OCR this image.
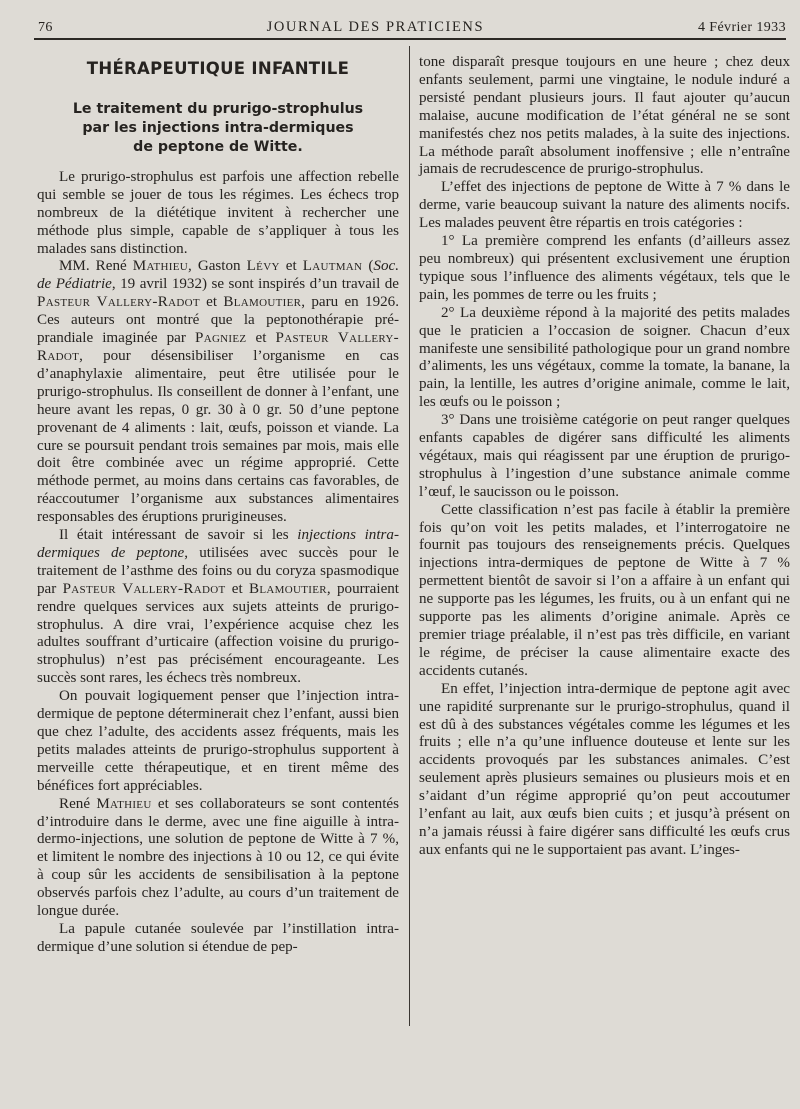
76	JOURNAL DES PRATICIENS	4 Février 1933
THÉRAPEUTIQUE INFANTILE
Le traitement du prurigo-strophulus
par les injections intra-dermiques
de peptone de Witte.

Le prurigo-strophulus est parfois une affection rebelle qui semble se jouer de tous les régimes. Les échecs trop nombreux de la diététique invitent à rechercher une méthode plus simple, capable de s’appliquer à tous les malades sans distinction.

MM. René Mathieu, Gaston Lévy et Lautman (Soc. de Pédiatrie, 19 avril 1932) se sont inspirés d’un travail de Pasteur Vallery-Radot et Blamoutier, paru en 1926. Ces auteurs ont montré que la peptonothérapie pré-prandiale imaginée par Pagniez et Pasteur Vallery-Radot, pour désensibiliser l’organisme en cas d’anaphylaxie alimentaire, peut être utilisée pour le prurigo-strophulus. Ils conseillent de donner à l’enfant, une heure avant les repas, 0 gr. 30 à 0 gr. 50 d’une peptone provenant de 4 aliments : lait, œufs, poisson et viande. La cure se poursuit pendant trois semaines par mois, mais elle doit être combinée avec un régime approprié. Cette méthode permet, au moins dans certains cas favorables, de réaccoutumer l’organisme aux substances alimentaires responsables des éruptions prurigineuses.

Il était intéressant de savoir si les injections intra-dermiques de peptone, utilisées avec succès pour le traitement de l’asthme des foins ou du coryza spasmodique par Pasteur Vallery-Radot et Blamoutier, pourraient rendre quelques services aux sujets atteints de prurigo-strophulus. A dire vrai, l’expérience acquise chez les adultes souffrant d’urticaire (affection voisine du prurigo-strophulus) n’est pas précisément encourageante. Les succès sont rares, les échecs très nombreux.

On pouvait logiquement penser que l’injection intra-dermique de peptone déterminerait chez l’enfant, aussi bien que chez l’adulte, des accidents assez fréquents, mais les petits malades atteints de prurigo-strophulus supportent à merveille cette thérapeutique, et en tirent même des bénéfices fort appréciables.

René Mathieu et ses collaborateurs se sont contentés d’introduire dans le derme, avec une fine aiguille à intra-dermo-injections, une solution de peptone de Witte à 7 %, et limitent le nombre des injections à 10 ou 12, ce qui évite à coup sûr les accidents de sensibilisation à la peptone observés parfois chez l’adulte, au cours d’un traitement de longue durée.

La papule cutanée soulevée par l’instillation intra-dermique d’une solution si étendue de pep-

tone disparaît presque toujours en une heure ; chez deux enfants seulement, parmi une vingtaine, le nodule induré a persisté pendant plusieurs jours. Il faut ajouter qu’aucun malaise, aucune modification de l’état général ne se sont manifestés chez nos petits malades, à la suite des injections. La méthode paraît absolument inoffensive ; elle n’entraîne jamais de recrudescence de prurigo-strophulus.

L’effet des injections de peptone de Witte à 7 % dans le derme, varie beaucoup suivant la nature des aliments nocifs. Les malades peuvent être répartis en trois catégories :

1° La première comprend les enfants (d’ailleurs assez peu nombreux) qui présentent exclusivement une éruption typique sous l’influence des aliments végétaux, tels que le pain, les pommes de terre ou les fruits ;

2° La deuxième répond à la majorité des petits malades que le praticien a l’occasion de soigner. Chacun d’eux manifeste une sensibilité pathologique pour un grand nombre d’aliments, les uns végétaux, comme la tomate, la banane, la pain, la lentille, les autres d’origine animale, comme le lait, les œufs ou le poisson ;

3° Dans une troisième catégorie on peut ranger quelques enfants capables de digérer sans difficulté les aliments végétaux, mais qui réagissent par une éruption de prurigo-strophulus à l’ingestion d’une substance animale comme l’œuf, le saucisson ou le poisson.

Cette classification n’est pas facile à établir la première fois qu’on voit les petits malades, et l’interrogatoire ne fournit pas toujours des renseignements précis. Quelques injections intra-dermiques de peptone de Witte à 7 % permettent bientôt de savoir si l’on a affaire à un enfant qui ne supporte pas les légumes, les fruits, ou à un enfant qui ne supporte pas les aliments d’origine animale. Après ce premier triage préalable, il n’est pas très difficile, en variant le régime, de préciser la cause alimentaire exacte des accidents cutanés.

En effet, l’injection intra-dermique de peptone agit avec une rapidité surprenante sur le prurigo-strophulus, quand il est dû à des substances végétales comme les légumes et les fruits ; elle n’a qu’une influence douteuse et lente sur les accidents provoqués par les substances animales. C’est seulement après plusieurs semaines ou plusieurs mois et en s’aidant d’un régime approprié qu’on peut accoutumer l’enfant au lait, aux œufs bien cuits ; et jusqu’à présent on n’a jamais réussi à faire digérer sans difficulté les œufs crus aux enfants qui ne le supportaient pas avant. L’inges-
